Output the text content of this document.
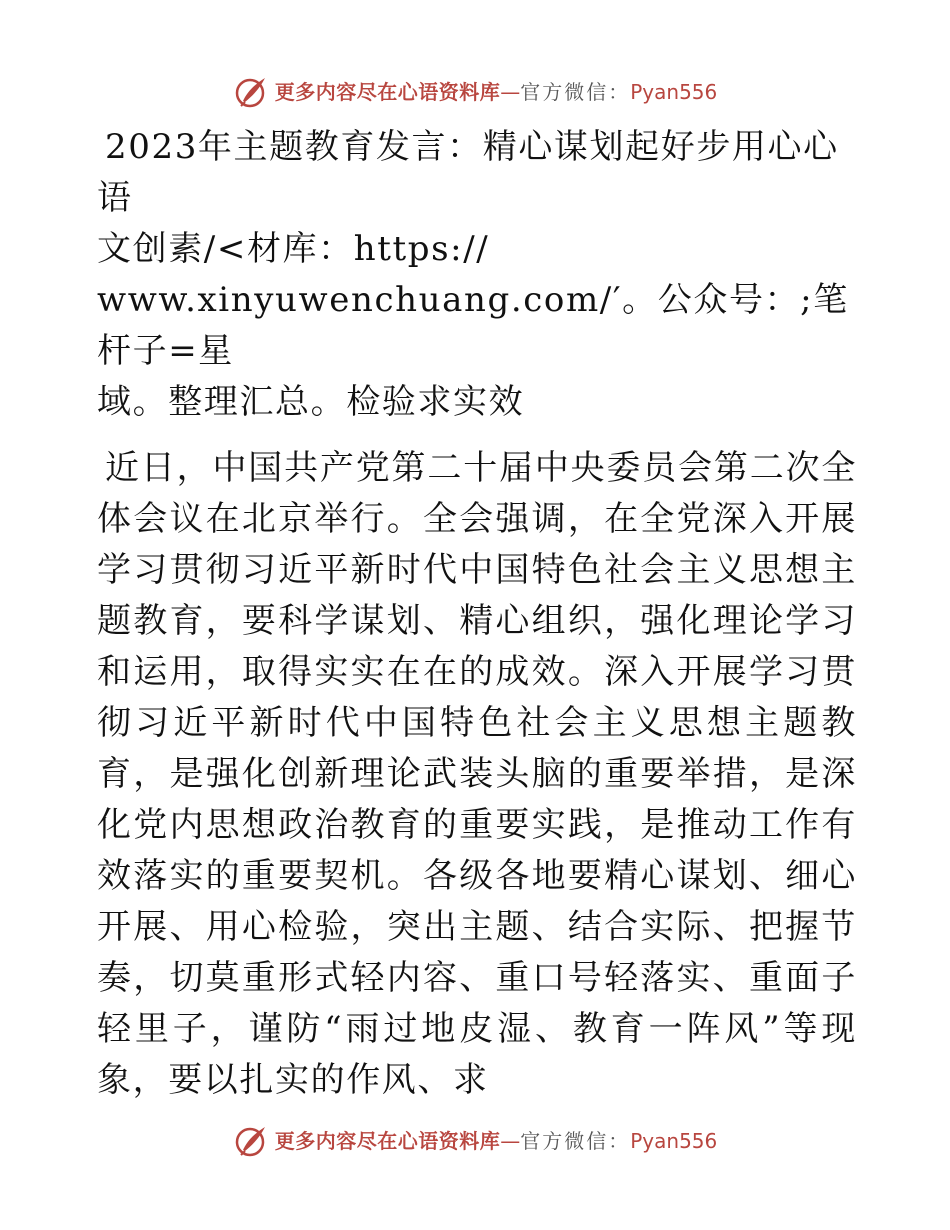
更多内容尽在心语资料库 — 官方微信： Pyan556
2023年主题教育发言：精心谋划起好步用心心语
文创素/<材库：https://
www.xinyuwenchuang.com/′。公众号：;笔杆子=星
域。整理汇总。检验求实效

近日，中国共产党第二十届中央委员会第二次全体会议在北京举行。全会强调，在全党深入开展学习贯彻习近平新时代中国特色社会主义思想主题教育，要科学谋划、精心组织，强化理论学习和运用，取得实实在在的成效。深入开展学习贯彻习近平新时代中国特色社会主义思想主题教育，是强化创新理论武装头脑的重要举措，是深化党内思想政治教育的重要实践，是推动工作有效落实的重要契机。各级各地要精心谋划、细心开展、用心检验，突出主题、结合实际、把握节奏，切莫重形式轻内容、重口号轻落实、重面子轻里子，谨防“雨过地皮湿、教育一阵风”等现象，要以扎实的作风、求

更多内容尽在心语资料库 — 官方微信： Pyan556
